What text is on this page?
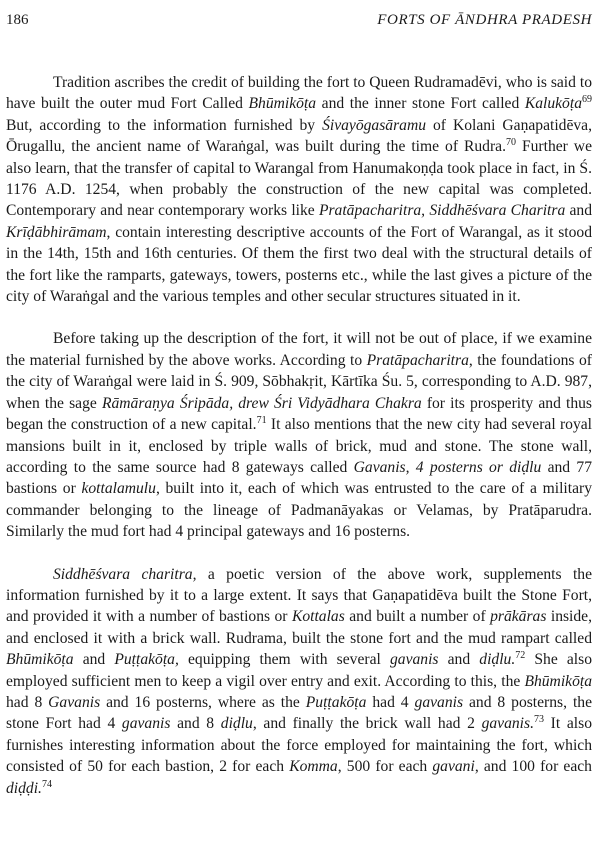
186	FORTS OF ĀNDHRA PRADESH

Tradition ascribes the credit of building the fort to Queen Rudramadēvi, who is said to have built the outer mud Fort Called Bhūmikōṭa and the inner stone Fort called Kalukōṭa$^{69}$ But, according to the information furnished by Śivayōgasāramu of Kolani Gaṇapatidēva, Ōrugallu, the ancient name of Waraṅgal, was built during the time of Rudra.$^{70}$ Further we also learn, that the transfer of capital to Warangal from Hanumakoṇḍa took place in fact, in Ś. 1176 A.D. 1254, when probably the construction of the new capital was completed. Contemporary and near contemporary works like Pratāpacharitra, Siddhēśvara Charitra and Krīḍābhirāmam, contain interesting descriptive accounts of the Fort of Warangal, as it stood in the 14th, 15th and 16th centuries. Of them the first two deal with the structural details of the fort like the ramparts, gateways, towers, posterns etc., while the last gives a picture of the city of Waraṅgal and the various temples and other secular structures situated in it.

Before taking up the description of the fort, it will not be out of place, if we examine the material furnished by the above works. According to Pratāpacharitra, the foundations of the city of Waraṅgal were laid in Ś. 909, Sōbhakṛit, Kārtīka Śu. 5, corresponding to A.D. 987, when the sage Rāmāraṇya Śripāda, drew Śri Vidyādhara Chakra for its prosperity and thus began the construction of a new capital.$^{71}$ It also mentions that the new city had several royal mansions built in it, enclosed by triple walls of brick, mud and stone. The stone wall, according to the same source had 8 gateways called Gavanis, 4 posterns or diḍlu and 77 bastions or kottalamulu, built into it, each of which was entrusted to the care of a military commander belonging to the lineage of Padmanāyakas or Velamas, by Pratāparudra. Similarly the mud fort had 4 principal gateways and 16 posterns.

Siddhēśvara charitra, a poetic version of the above work, supplements the information furnished by it to a large extent. It says that Gaṇapatidēva built the Stone Fort, and provided it with a number of bastions or Kottalas and built a number of prākāras inside, and enclosed it with a brick wall. Rudrama, built the stone fort and the mud rampart called Bhūmikōṭa and Puṭṭakōṭa, equipping them with several gavanis and diḍlu.$^{72}$ She also employed sufficient men to keep a vigil over entry and exit. According to this, the Bhūmikōṭa had 8 Gavanis and 16 posterns, where as the Puṭṭakōṭa had 4 gavanis and 8 posterns, the stone Fort had 4 gavanis and 8 diḍlu, and finally the brick wall had 2 gavanis.$^{73}$ It also furnishes interesting information about the force employed for maintaining the fort, which consisted of 50 for each bastion, 2 for each Komma, 500 for each gavani, and 100 for each diḍḍi.$^{74}$
